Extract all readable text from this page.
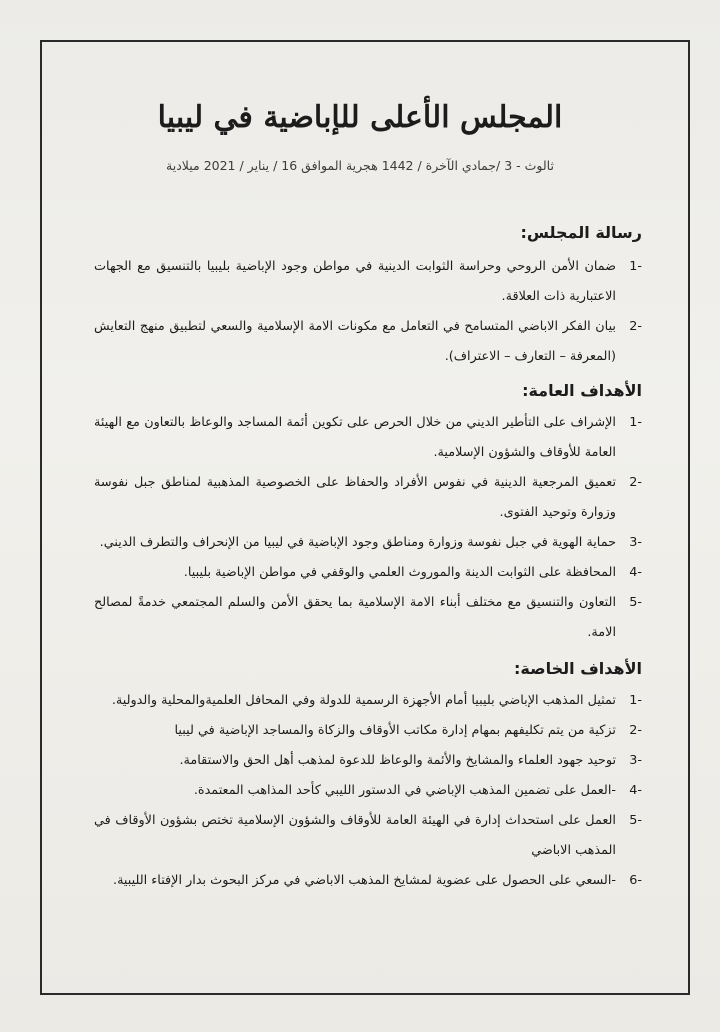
المجلس الأعلى للإباضية في ليبيا
ثالوث - 3 /جمادي الآخرة / 1442 هجرية الموافق 16 / يناير / 2021 ميلادية
رسالة المجلس:
1-
ضمان الأمن الروحي وحراسة الثوابت الدينية في مواطن وجود الإباضية بليبيا بالتنسيق مع الجهات الاعتبارية ذات العلاقة.
2-
بيان الفكر الاباضي المتسامح في التعامل مع مكونات الامة الإسلامية والسعي لتطبيق منهج التعايش (المعرفة – التعارف – الاعتراف).
الأهداف العامة:
1-
الإشراف على التأطير الديني من خلال الحرص على تكوين أئمة المساجد والوعاظ بالتعاون مع الهيئة العامة للأوقاف والشؤون الإسلامية.
2-
تعميق المرجعية الدينية في نفوس الأفراد والحفاظ على الخصوصية المذهبية لمناطق جبل نفوسة وزوارة وتوحيد الفتوى.
3-
حماية الهوية في جبل نفوسة وزوارة ومناطق وجود الإباضية في ليبيا من الإنحراف والتطرف الديني.
4-
المحافظة على الثوابت الدينة والموروث العلمي والوقفي في مواطن الإباضية بليبيا.
5-
التعاون والتنسيق مع مختلف أبناء الامة الإسلامية بما يحقق الأمن والسلم المجتمعي خدمةً لمصالح الامة.
الأهداف الخاصة:
1-
تمثيل المذهب الإباضي بليبيا أمام الأجهزة الرسمية للدولة وفي المحافل العلميةوالمحلية والدولية.
2-
تزكية من يتم تكليفهم بمهام إدارة مكاتب الأوقاف والزكاة والمساجد الإباضية في ليبيا
3-
توحيد جهود العلماء والمشايخ والأئمة والوعاظ للدعوة لمذهب أهل الحق والاستقامة.
4-
-العمل على تضمين المذهب الإباضي في الدستور الليبي كأحد المذاهب المعتمدة.
5-
العمل على استحداث إدارة في الهيئة العامة للأوقاف والشؤون الإسلامية تختص بشؤون الأوقاف في المذهب الاباضي
6-
-السعي على الحصول على عضوية لمشايخ المذهب الاباضي في مركز البحوث بدار الإفتاء الليبية.
